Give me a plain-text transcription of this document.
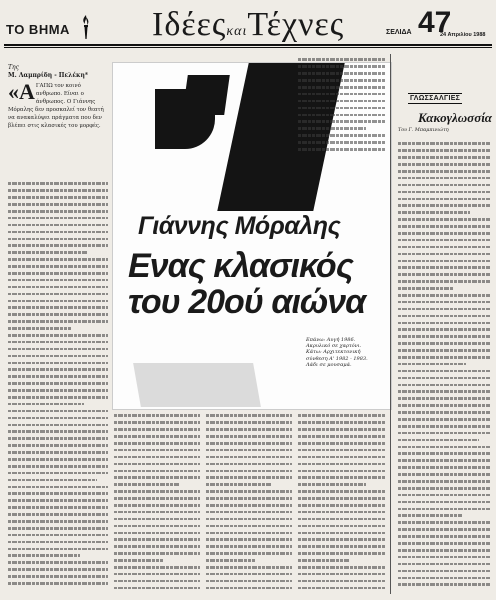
ΤΟ ΒΗΜΑ ΙδέεςκαιΤέχνες	ΣΕΛΙΔΑ 47
24 Απριλίου 1988
Της
Μ. Λαμπρίδη - Πελέκη*
«Α ΓΑΠΩ τον κοινό ανθρωπο. Είναι ο άνθρωπος. Ο Γιάννης Μόραλης δεν προσκαλεί τον θεατή να ανακαλύψει πράγματα που δεν βλέπει στις κλασικές του μορφές.
Γιάννης Μόραλης
Ενας κλασικός
του 20ού αιώνα
Επάνω: Αυγή 1986. Ακρυλικό σε χαρτόνι. Κάτω: Αρχιτεκτονική σύνθεση Α' 1982 - 1983. Λάδι σε μουσαμά.
ΓΛΩΣΣΑΛΓΙΕΣ
Κακογλωσσία
Του Γ. Μπαμπινιώτη
